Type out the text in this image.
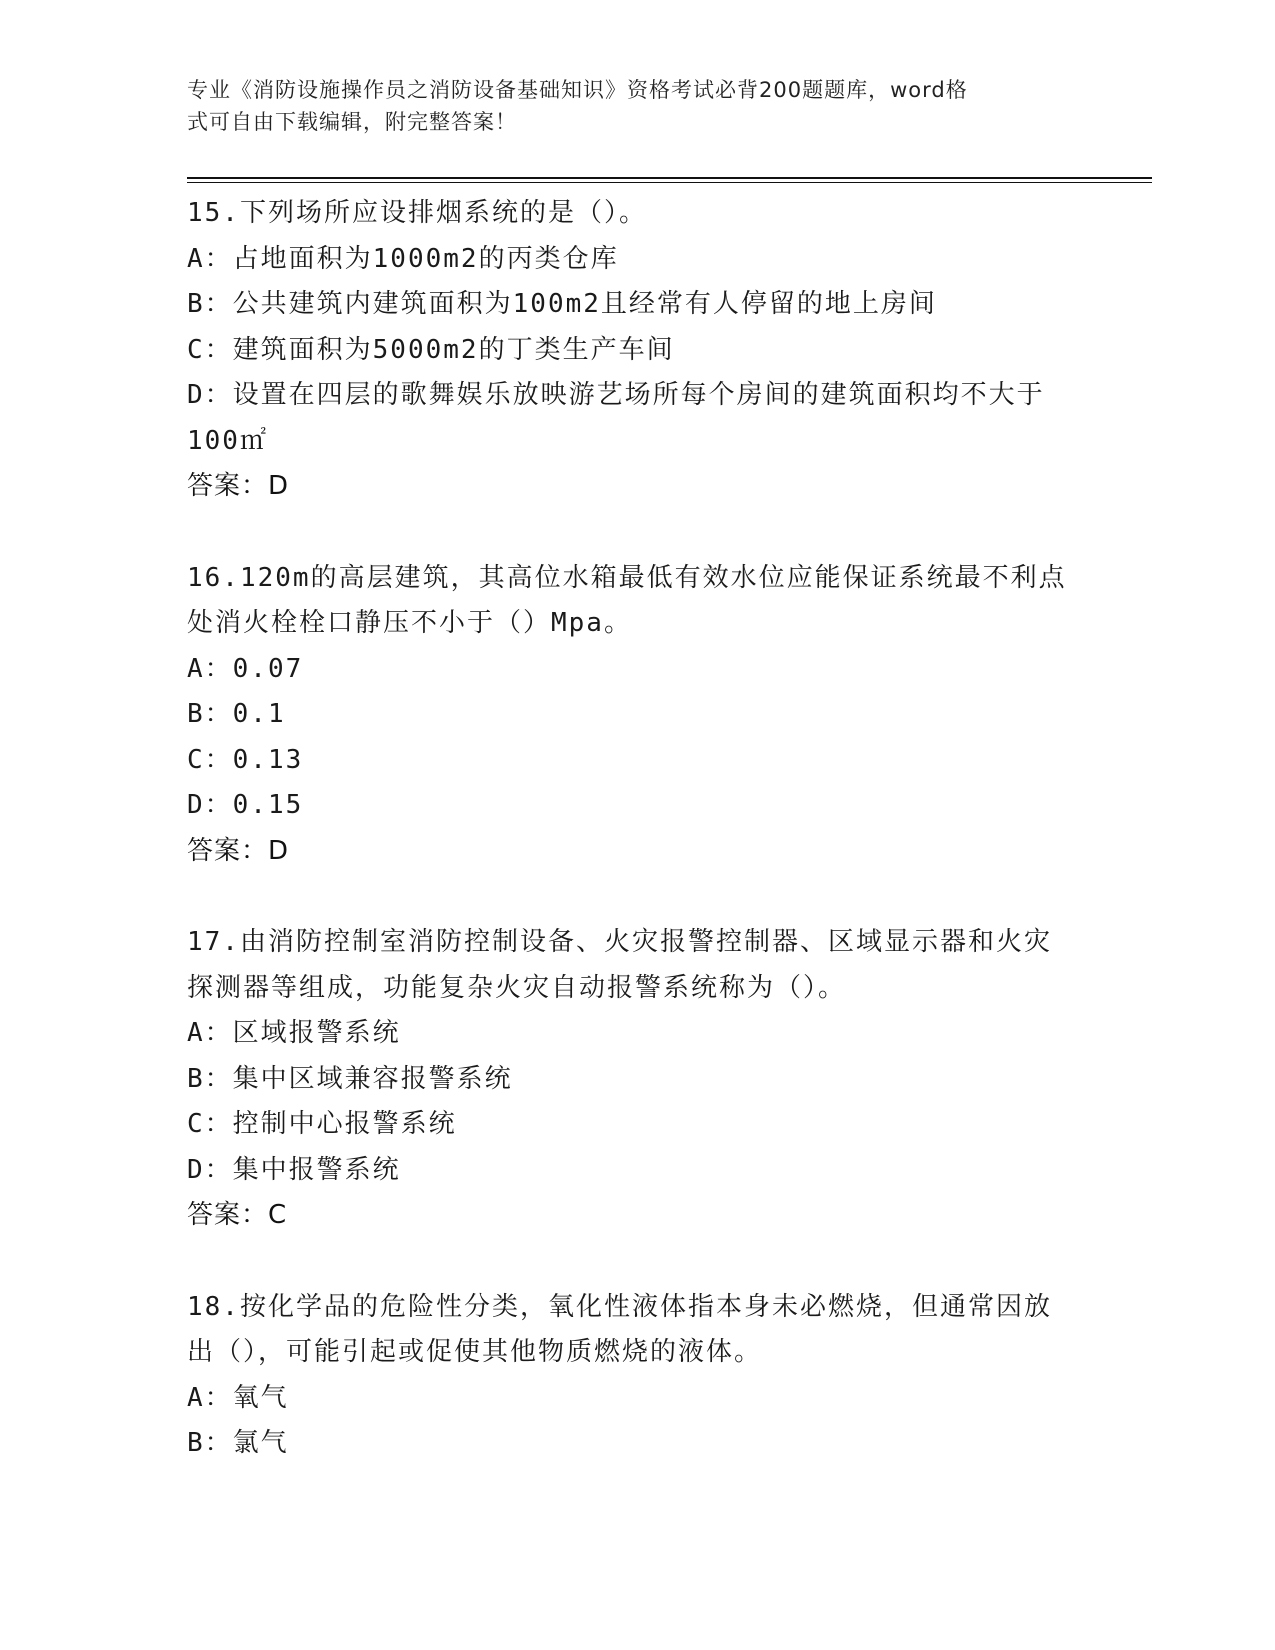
专业《消防设施操作员之消防设备基础知识》资格考试必背200题题库，word格
式可自由下载编辑，附完整答案！
15.下列场所应设排烟系统的是（）。
A：占地面积为1000m2的丙类仓库
B：公共建筑内建筑面积为100m2且经常有人停留的地上房间
C：建筑面积为5000m2的丁类生产车间
D：设置在四层的歌舞娱乐放映游艺场所每个房间的建筑面积均不大于
100㎡
答案：D
16.120m的高层建筑，其高位水箱最低有效水位应能保证系统最不利点
处消火栓栓口静压不小于（）Mpa。
A：0.07
B：0.1
C：0.13
D：0.15
答案：D
17.由消防控制室消防控制设备、火灾报警控制器、区域显示器和火灾
探测器等组成，功能复杂火灾自动报警系统称为（）。
A：区域报警系统
B：集中区域兼容报警系统
C：控制中心报警系统
D：集中报警系统
答案：C
18.按化学品的危险性分类，氧化性液体指本身未必燃烧，但通常因放
出（），可能引起或促使其他物质燃烧的液体。
A：氧气
B：氯气
